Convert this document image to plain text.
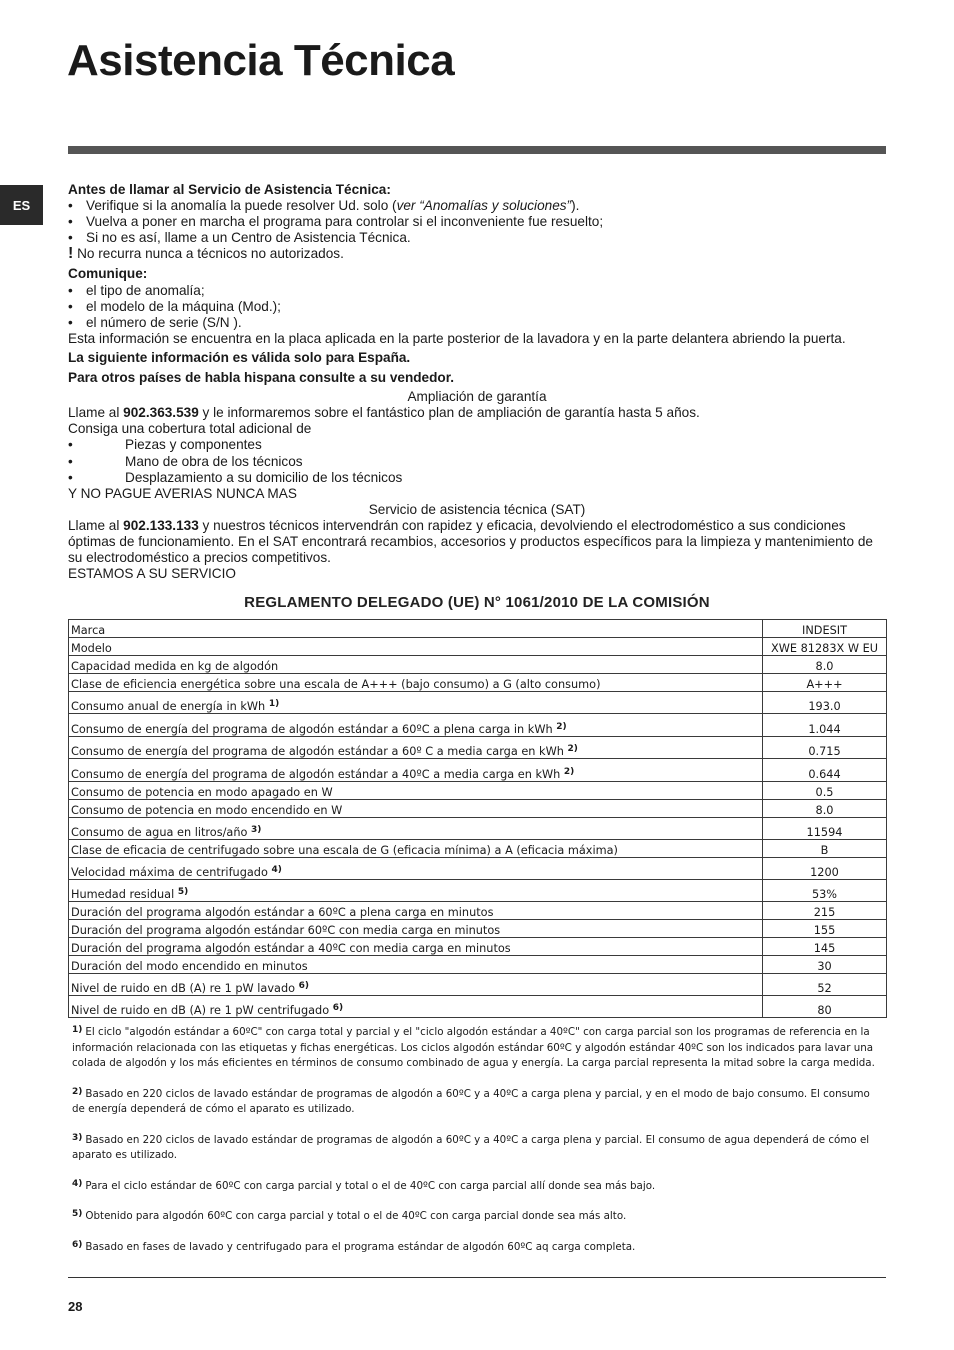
Asistencia Técnica
ES

Antes de llamar al Servicio de Asistencia Técnica:

• Verifique si la anomalía la puede resolver Ud. solo (ver “Anomalías y soluciones”).

• Vuelva a poner en marcha el programa para controlar si el inconveniente fue resuelto;

• Si no es así, llame a un Centro de Asistencia Técnica.

! No recurra nunca a técnicos no autorizados.

Comunique:

• el tipo de anomalía;

• el modelo de la máquina (Mod.);

• el número de serie (S/N ).

Esta información se encuentra en la placa aplicada en la parte posterior de la lavadora y en la parte delantera abriendo la puerta.

La siguiente información es válida solo para España.

Para otros países de habla hispana consulte a su vendedor.

Ampliación de garantía

Llame al 902.363.539 y le informaremos sobre el fantástico plan de ampliación de garantía hasta 5 años.

Consiga una cobertura total adicional de

•	Piezas y componentes

•	Mano de obra de los técnicos

•	Desplazamiento a su domicilio de los técnicos

Y NO PAGUE AVERIAS NUNCA MAS

Servicio de asistencia técnica (SAT)

Llame al 902.133.133 y nuestros técnicos intervendrán con rapidez y eficacia, devolviendo el electrodoméstico a sus condiciones óptimas de funcionamiento. En el SAT encontrará recambios, accesorios y productos específicos para la limpieza y mantenimiento de su electrodoméstico a precios competitivos.

ESTAMOS A SU SERVICIO

REGLAMENTO DELEGADO (UE) N° 1061/2010 DE LA COMISIÓN
Marca	INDESIT
Modelo	XWE 81283X W EU
Capacidad medida en kg de algodón	8.0
Clase de eficiencia energética sobre una escala de A+++ (bajo consumo) a G (alto consumo)	A+++
Consumo anual de energía in kWh $^{1)}$	193.0
Consumo de energía del programa de algodón estándar a 60ºC a plena carga in kWh $^{2)}$	1.044
Consumo de energía del programa de algodón estándar a 60º C a media carga en kWh $^{2)}$	0.715
Consumo de energía del programa de algodón estándar a 40ºC a media carga en kWh $^{2)}$	0.644
Consumo de potencia en modo apagado en W	0.5
Consumo de potencia en modo encendido en W	8.0
Consumo de agua en litros/año $^{3)}$	11594
Clase de eficacia de centrifugado sobre una escala de G (eficacia mínima) a A (eficacia máxima)	B
Velocidad máxima de centrifugado $^{4)}$	1200
Humedad residual $^{5)}$	53%
Duración del programa algodón estándar a 60ºC a plena carga en minutos	215
Duración del programa algodón estándar 60ºC con media carga en minutos	155
Duración del programa algodón estándar a 40ºC con media carga en minutos	145
Duración del modo encendido en minutos	30
Nivel de ruido en dB (A) re 1 pW lavado $^{6)}$	52
Nivel de ruido en dB (A) re 1 pW centrifugado $^{6)}$	80

$^{1)}$ El ciclo "algodón estándar a 60ºC" con carga total y parcial y el "ciclo algodón estándar a 40ºC" con carga parcial son los programas de referencia en la información relacionada con las etiquetas y fichas energéticas. Los ciclos algodón estándar 60ºC y algodón estándar 40ºC son los indicados para lavar una colada de algodón y los más eficientes en términos de consumo combinado de agua y energía. La carga parcial representa la mitad sobre la carga medida.

$^{2)}$ Basado en 220 ciclos de lavado estándar de programas de algodón a 60ºC y a 40ºC a carga plena y parcial, y en el modo de bajo consumo. El consumo de energía dependerá de cómo el aparato es utilizado.

$^{3)}$ Basado en 220 ciclos de lavado estándar de programas de algodón a 60ºC y a 40ºC a carga plena y parcial. El consumo de agua dependerá de cómo el aparato es utilizado.

$^{4)}$ Para el ciclo estándar de 60ºC con carga parcial y total o el de 40ºC con carga parcial allí donde sea más bajo.

$^{5)}$ Obtenido para algodón 60ºC con carga parcial y total o el de 40ºC con carga parcial donde sea más alto.

$^{6)}$ Basado en fases de lavado y centrifugado para el programa estándar de algodón 60ºC aq carga completa.

28
